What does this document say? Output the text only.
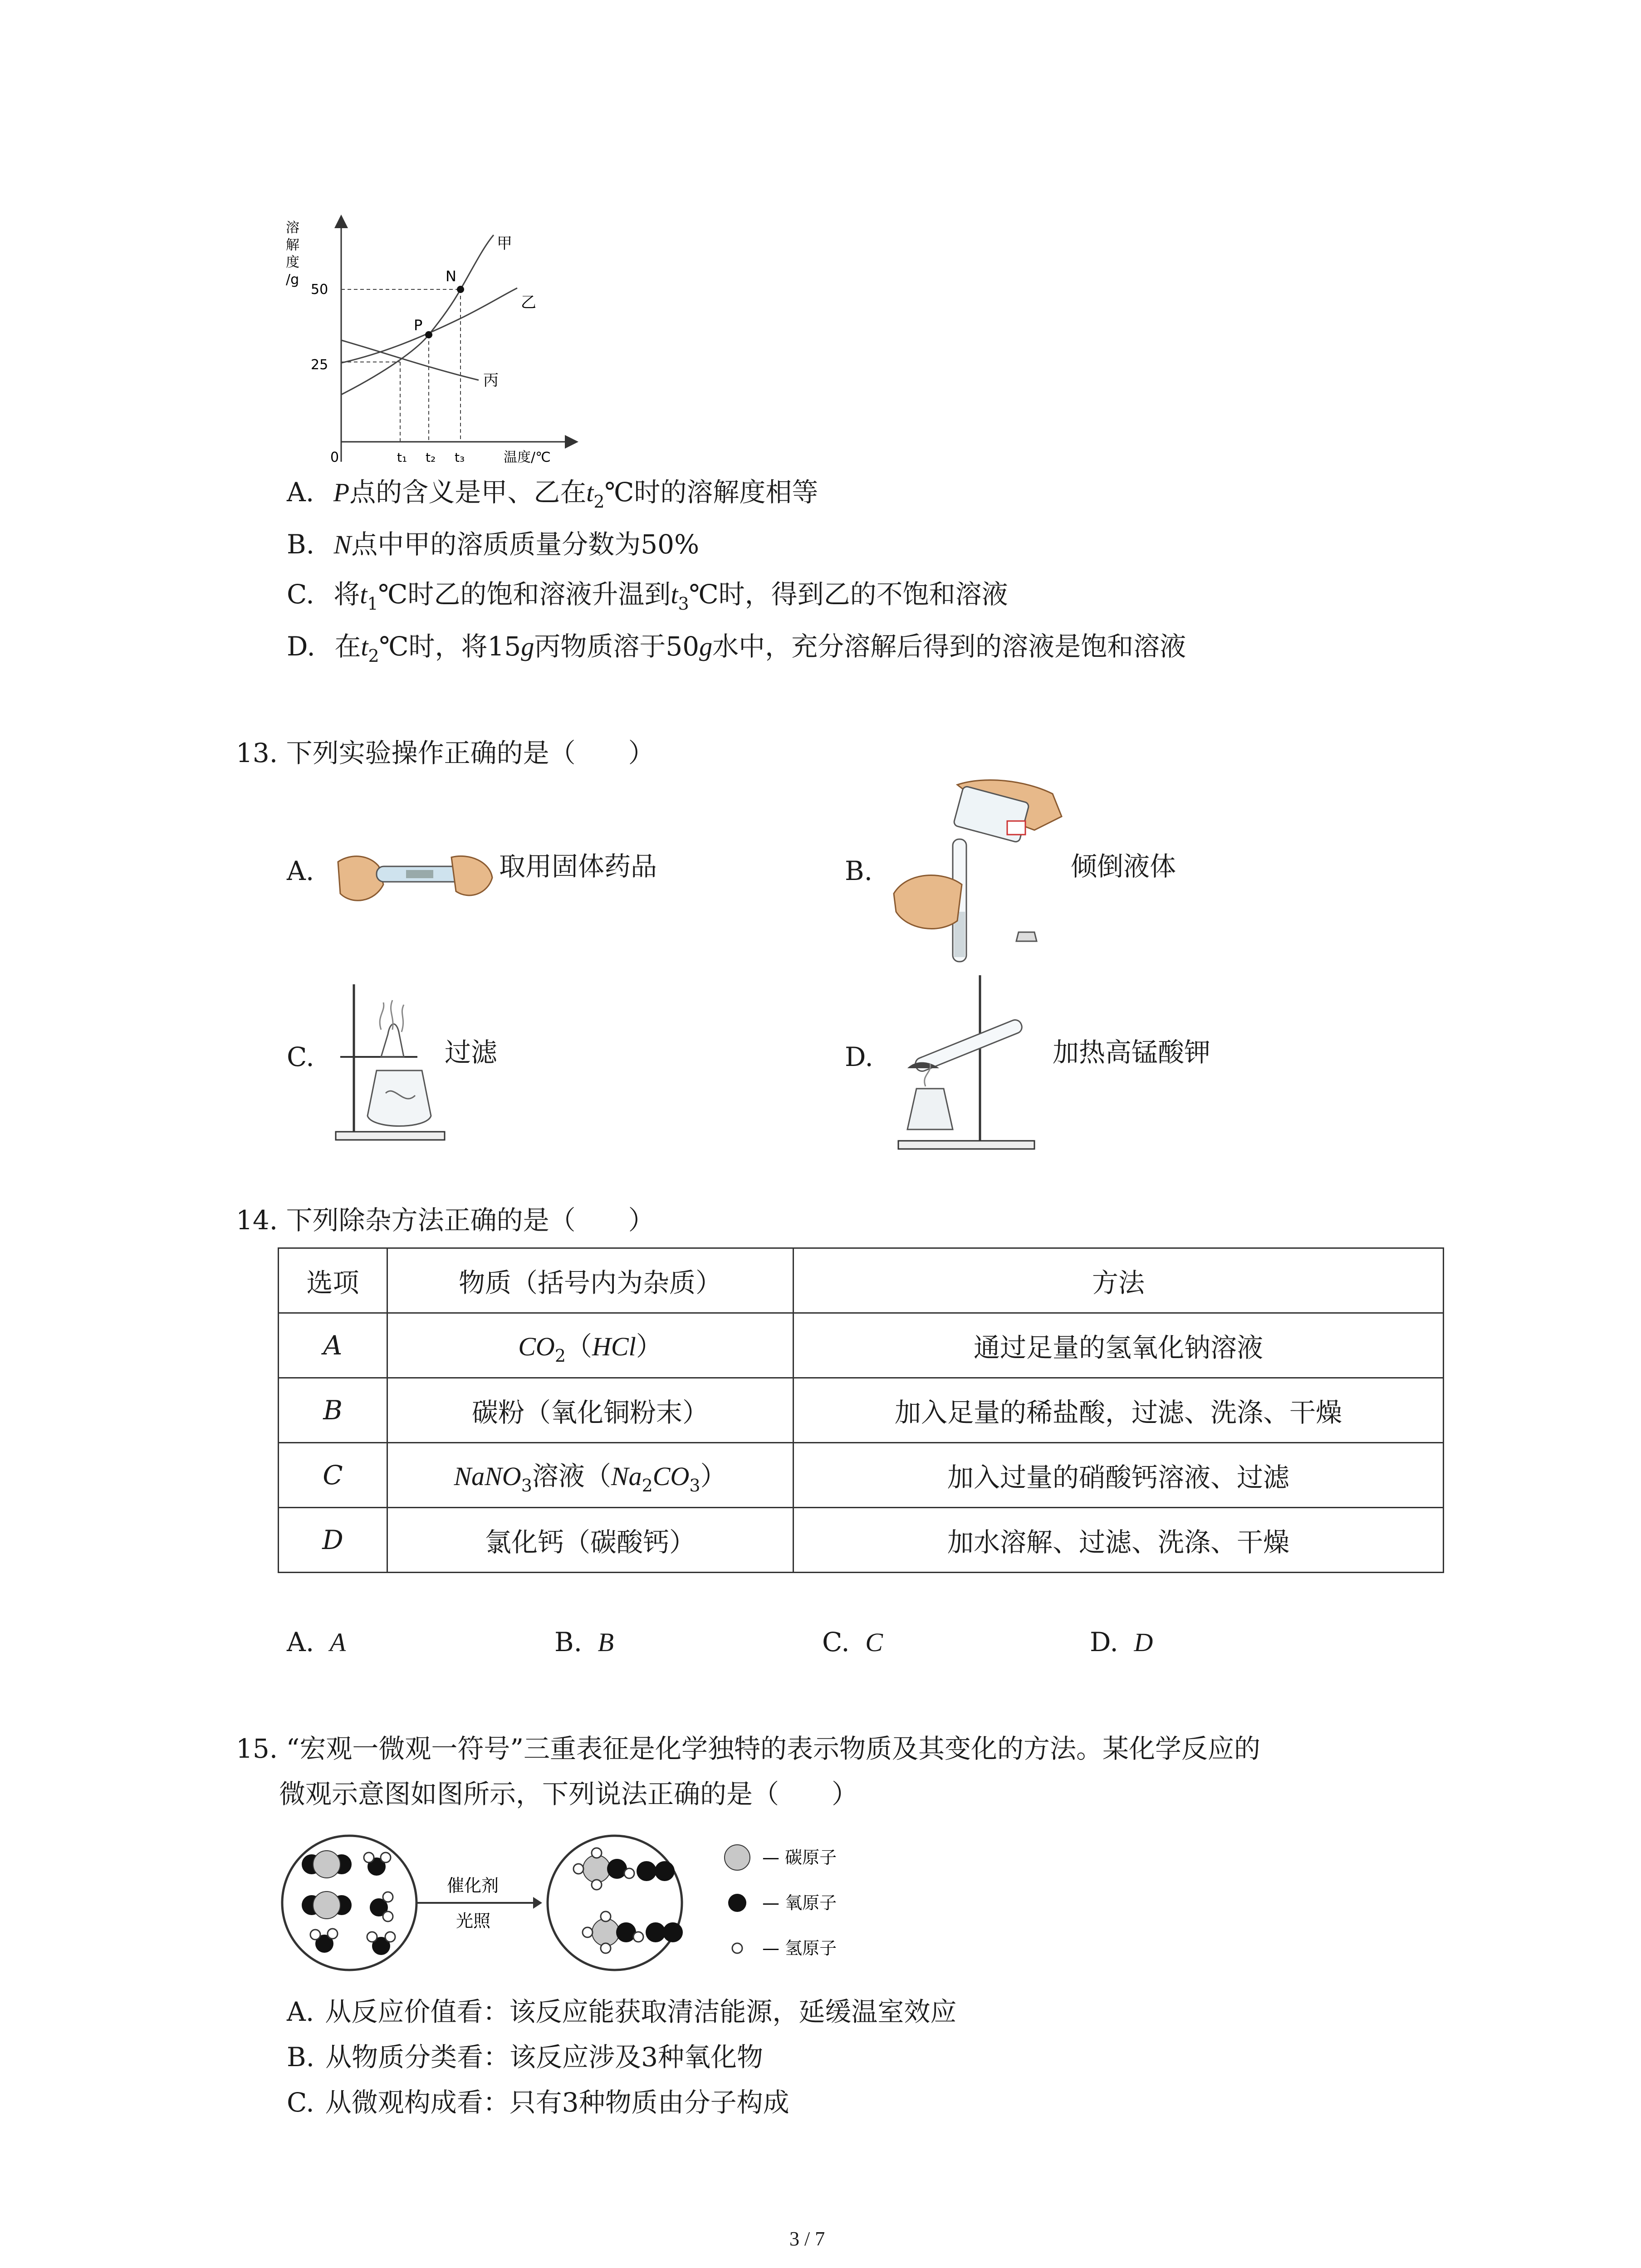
溶
解
度
/g
50
25
0	t₁ t₂ t₃	温度/℃
P
N
甲
乙
丙
A. P点的含义是甲、乙在$t_2℃$时的溶解度相等
B. N点中甲的溶质质量分数为50%
C. 将$t_1℃$时乙的饱和溶液升温到$t_3℃$时，得到乙的不饱和溶液
D. 在$t_2℃$时，将15g丙物质溶于50g水中，充分溶解后得到的溶液是饱和溶液
13. 下列实验操作正确的是（　　）
A.	取用固体药品	B.	倾倒液体
C.	过滤	D.	加热高锰酸钾
14. 下列除杂方法正确的是（　　）
选项	物质（括号内为杂质）	方法
A	$CO_2(HCl)$	通过足量的氢氧化钠溶液
B	碳粉（氧化铜粉末）	加入足量的稀盐酸，过滤、洗涤、干燥
C	NaNO$_3$溶液$(Na_2CO_3)$	加入过量的硝酸钙溶液、过滤
D	氯化钙（碳酸钙）	加水溶解、过滤、洗涤、干燥
A. A	B. B	C. C	D. D
15. “宏观一微观一符号”三重表征是化学独特的表示物质及其变化的方法。某化学反应的
微观示意图如图所示，下列说法正确的是（　　）
催化剂
光照
— 碳原子
— 氧原子
— 氢原子
A. 从反应价值看：该反应能获取清洁能源，延缓温室效应
B. 从物质分类看：该反应涉及3种氧化物
C. 从微观构成看：只有3种物质由分子构成
3 / 7
